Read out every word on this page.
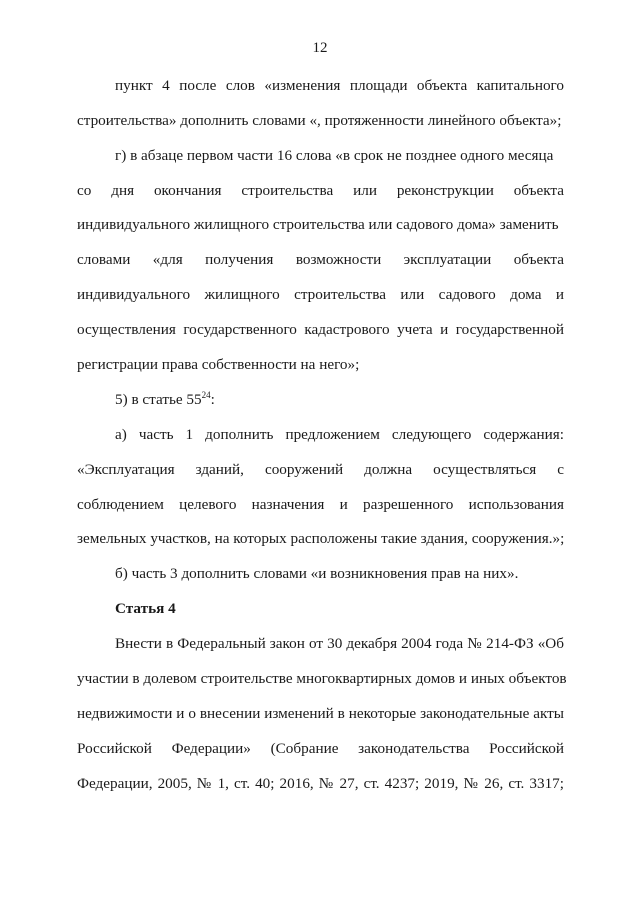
12
пункт 4 после слов «изменения площади объекта капитального
строительства» дополнить словами «, протяженности линейного объекта»;
г) в абзаце первом части 16 слова «в срок не позднее одного месяца
со дня окончания строительства или реконструкции объекта
индивидуального жилищного строительства или садового дома» заменить
словами «для получения возможности эксплуатации объекта
индивидуального жилищного строительства или садового дома и
осуществления государственного кадастрового учета и государственной
регистрации права собственности на него»;
5) в статье $55^{24}$:
а) часть 1 дополнить предложением следующего содержания:
«Эксплуатация зданий, сооружений должна осуществляться с
соблюдением целевого назначения и разрешенного использования
земельных участков, на которых расположены такие здания, сооружения.»;
б) часть 3 дополнить словами «и возникновения прав на них».
Статья 4
Внести в Федеральный закон от 30 декабря 2004 года № 214-ФЗ «Об
участии в долевом строительстве многоквартирных домов и иных объектов
недвижимости и о внесении изменений в некоторые законодательные акты
Российской Федерации» (Собрание законодательства Российской
Федерации, 2005, № 1, ст. 40; 2016, № 27, ст. 4237; 2019, № 26, ст. 3317;
